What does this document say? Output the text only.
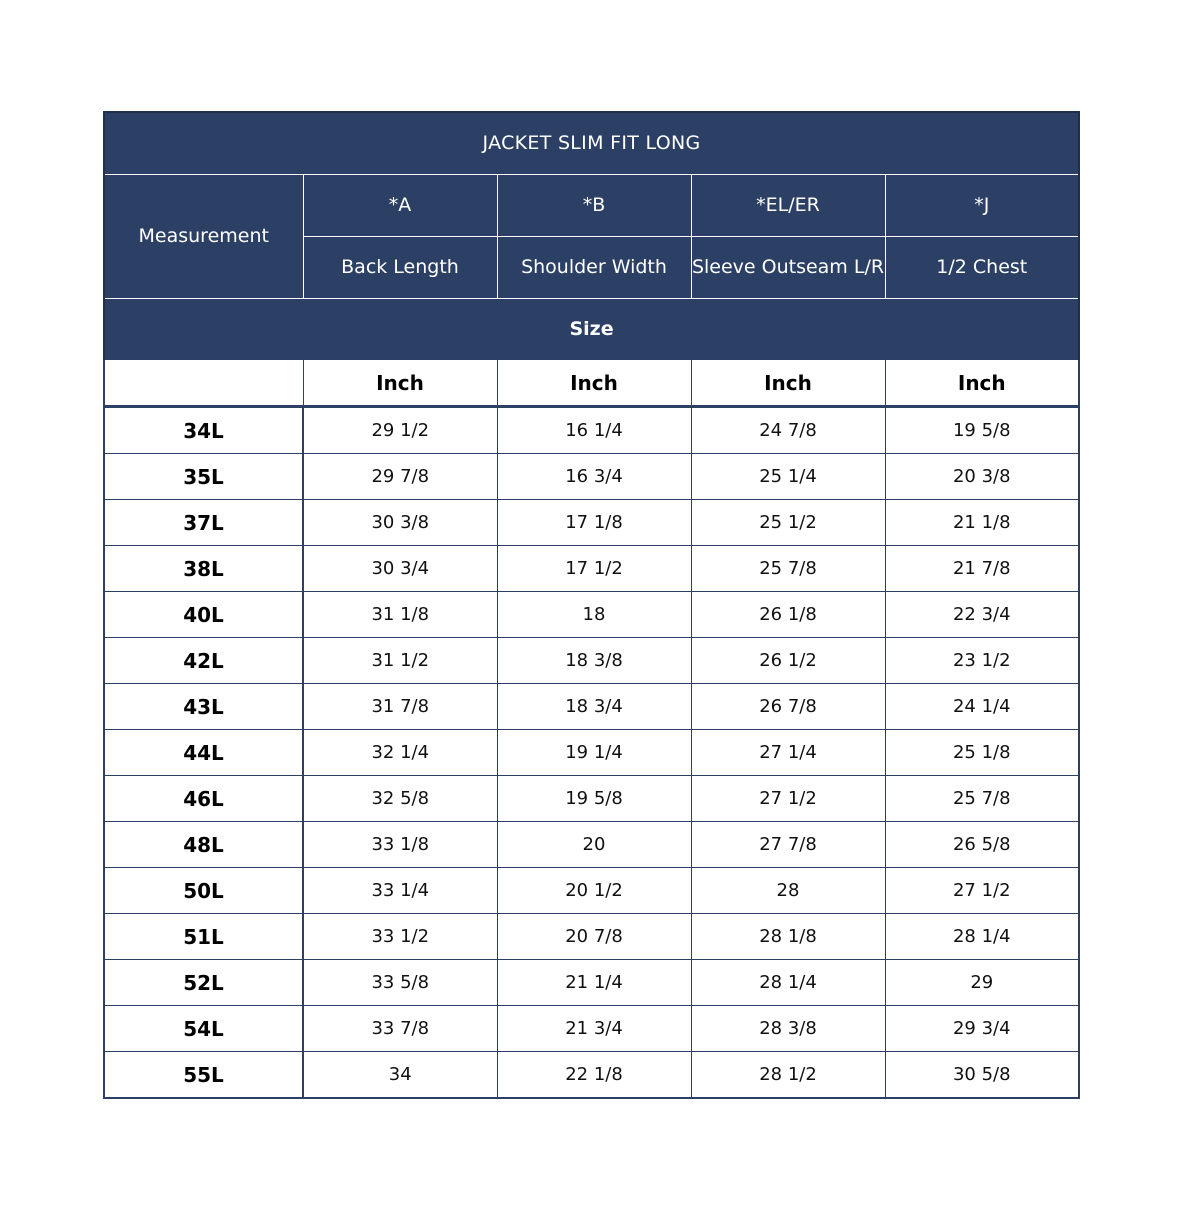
JACKET SLIM FIT LONG				
Measurement	*A	*B	*EL/ER	*J
	Back Length	Shoulder Width	Sleeve Outseam L/R	1/2 Chest
Size				
	Inch	Inch	Inch	Inch
34L	29 1/2	16 1/4	24 7/8	19 5/8
35L	29 7/8	16 3/4	25 1/4	20 3/8
37L	30 3/8	17 1/8	25 1/2	21 1/8
38L	30 3/4	17 1/2	25 7/8	21 7/8
40L	31 1/8	18	26 1/8	22 3/4
42L	31 1/2	18 3/8	26 1/2	23 1/2
43L	31 7/8	18 3/4	26 7/8	24 1/4
44L	32 1/4	19 1/4	27 1/4	25 1/8
46L	32 5/8	19 5/8	27 1/2	25 7/8
48L	33 1/8	20	27 7/8	26 5/8
50L	33 1/4	20 1/2	28	27 1/2
51L	33 1/2	20 7/8	28 1/8	28 1/4
52L	33 5/8	21 1/4	28 1/4	29
54L	33 7/8	21 3/4	28 3/8	29 3/4
55L	34	22 1/8	28 1/2	30 5/8
